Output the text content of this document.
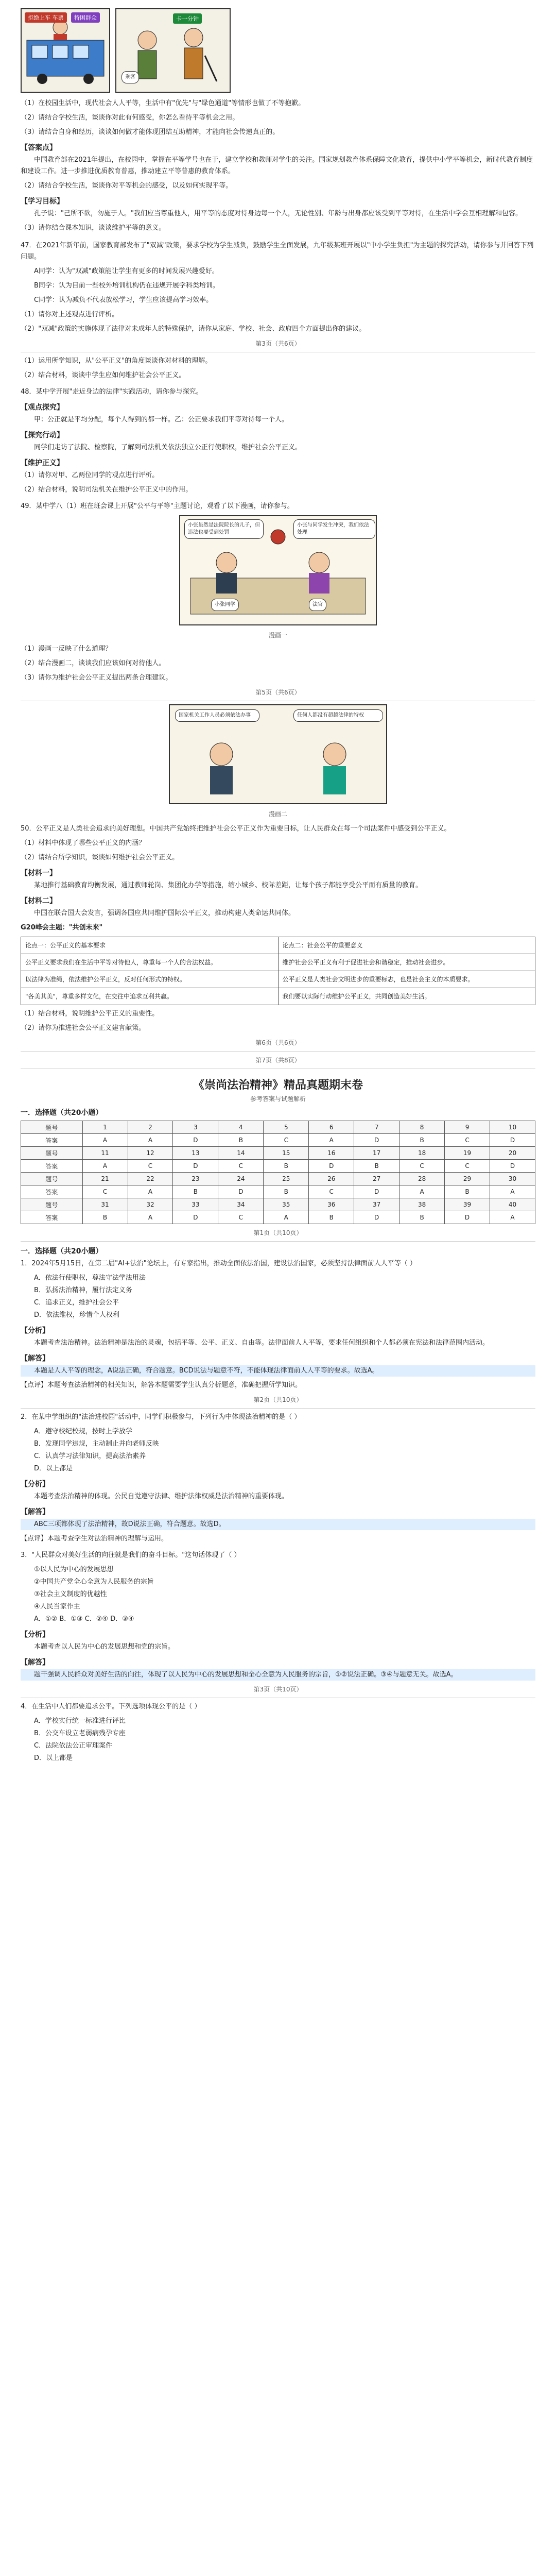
拒绝上车 车票	特困群众	卡一分钟
乘客

（1）在校园生活中，现代社会人人平等，生活中有"优先"与"绿色通道"等情形也做了不等抱歉。

（2）请结合学校生活，谈谈你对此有何感受，你怎么看待平等机会之用。

（3）请结合自身和经历，谈谈如何做才能体现团结互助精神，才能向社会传递真正的。

【答案点】

中国教育部在2021年提出，在校园中，掌握在平等学号也在于，建立学校和教师对学生的关注。国家规划教育体系保障文化教育，提供中小学平等机会，新时代教育制度和建设工作。进一步推进优质教育普惠，推动建立平等普惠的教育体系。

（2）请结合学校生活，谈谈你对平等机会的感受，以及如何实现平等。

【学习目标】

孔子说："己所不欲，勿施于人。"我们应当尊重他人，用平等的态度对待身边每一个人，无论性别、年龄与出身都应该受到平等对待，在生活中学会互相理解和包容。

（3）请你结合课本知识，谈谈维护平等的意义。

47．在2021年新年前，国家教育部发布了"双减"政策，要求学校为学生减负，鼓励学生全面发展，九年级某班开展以"中小学生负担"为主题的探究活动，请你参与并回答下列问题。

A同学：认为"双减"政策能让学生有更多的时间发展兴趣爱好。

B同学：认为目前一些校外培训机构仍在违规开展学科类培训。

C同学：认为减负不代表放松学习，学生应该提高学习效率。

（1）请你对上述观点进行评析。

（2）"双减"政策的实施体现了法律对未成年人的特殊保护，请你从家庭、学校、社会、政府四个方面提出你的建议。

第3页（共6页）

（1）运用所学知识，从"公平正义"的角度谈谈你对材料的理解。

（2）结合材料，谈谈中学生应如何维护社会公平正义。

48．某中学开展"走近身边的法律"实践活动，请你参与探究。

【观点探究】

甲：公正就是平均分配，每个人得到的都一样。乙：公正要求我们平等对待每一个人。

【探究行动】

同学们走访了法院、检察院，了解到司法机关依法独立公正行使职权，维护社会公平正义。

【维护正义】

（1）请你对甲、乙两位同学的观点进行评析。

（2）结合材料，说明司法机关在维护公平正义中的作用。

49．某中学八（1）班在班会课上开展"公平与平等"主题讨论，观看了以下漫画，请你参与。

小张虽然是法院院长的儿子，但违法也要受到处罚
小张与同学发生冲突，我们依法处理
小张同学	法官
漫画一

（1）漫画一反映了什么道理？

（2）结合漫画二，谈谈我们应该如何对待他人。

（3）请你为维护社会公平正义提出两条合理建议。

第5页（共6页）
国家机关工作人员必须依法办事	任何人都没有超越法律的特权
漫画二

50．公平正义是人类社会追求的美好理想。中国共产党始终把维护社会公平正义作为重要目标，让人民群众在每一个司法案件中感受到公平正义。

（1）材料中体现了哪些公平正义的内涵？

（2）请结合所学知识，谈谈如何维护社会公平正义。

【材料一】

某地推行基础教育均衡发展，通过教师轮岗、集团化办学等措施，缩小城乡、校际差距，让每个孩子都能享受公平而有质量的教育。

【材料二】

中国在联合国大会发言，强调各国应共同维护国际公平正义，推动构建人类命运共同体。

G20峰会主题："共创未来"

论点一：公平正义的基本要求	论点二：社会公平的重要意义
公平正义要求我们在生活中平等对待他人，尊重每一个人的合法权益。	维护社会公平正义有利于促进社会和谐稳定，推动社会进步。
以法律为准绳，依法维护公平正义，反对任何形式的特权。	公平正义是人类社会文明进步的重要标志，也是社会主义的本质要求。
"各美其美"，尊重多样文化，在交往中追求互利共赢。	我们要以实际行动维护公平正义，共同创造美好生活。

（1）结合材料，说明维护公平正义的重要性。

（2）请你为推进社会公平正义建言献策。

第6页（共6页）
第7页（共8页）
《崇尚法治精神》精品真题期末卷
参考答案与试题解析

一．选择题（共20小题）

题号	1	2	3	4	5	6	7	8	9	10
答案	A	A	D	B	C	A	D	B	C	D
题号	11	12	13	14	15	16	17	18	19	20
答案	A	C	D	C	B	D	B	C	C	D
题号	21	22	23	24	25	26	27	28	29	30
答案	C	A	B	D	B	C	D	A	B	A
题号	31	32	33	34	35	36	37	38	39	40
答案	B	A	D	C	A	B	D	B	D	A
第1页（共10页）

一．选择题（共20小题）

1．2024年5月15日，在第二届"AI+法治"论坛上，有专家指出，推动全面依法治国，建设法治国家，必须坚持法律面前人人平等（ ）

A．依法行使职权，尊法守法学法用法

B．弘扬法治精神，履行法定义务

C．追求正义，维护社会公平

D．依法维权，珍惜个人权利

【分析】

本题考查法治精神。法治精神是法治的灵魂，包括平等、公平、正义、自由等。法律面前人人平等，要求任何组织和个人都必须在宪法和法律范围内活动。

【解答】

本题是人人平等的理念，A说法正确，符合题意。BCD说法与题意不符，不能体现法律面前人人平等的要求。故选A。

【点评】本题考查法治精神的相关知识，解答本题需要学生认真分析题意，准确把握所学知识。

第2页（共10页）

2．在某中学组织的"法治进校园"活动中，同学们积极参与，下列行为中体现法治精神的是（ ）

A．遵守校纪校规，按时上学放学

B．发现同学违规，主动制止并向老师反映

C．认真学习法律知识，提高法治素养

D．以上都是

【分析】

本题考查法治精神的体现。公民自觉遵守法律、维护法律权威是法治精神的重要体现。

【解答】

ABC三项都体现了法治精神，故D说法正确，符合题意。故选D。

【点评】本题考查学生对法治精神的理解与运用。

3．"人民群众对美好生活的向往就是我们的奋斗目标。"这句话体现了（ ）

①以人民为中心的发展思想

②中国共产党全心全意为人民服务的宗旨

③社会主义制度的优越性

④人民当家作主

A．①② B．①③ C．②④ D．③④

【分析】

本题考查以人民为中心的发展思想和党的宗旨。

【解答】

题干强调人民群众对美好生活的向往，体现了以人民为中心的发展思想和全心全意为人民服务的宗旨，①②说法正确。③④与题意无关。故选A。

第3页（共10页）

4．在生活中人们都要追求公平。下列选项体现公平的是（ ）

A．学校实行统一标准进行评比

B．公交车设立老弱病残孕专座

C．法院依法公正审理案件

D．以上都是
